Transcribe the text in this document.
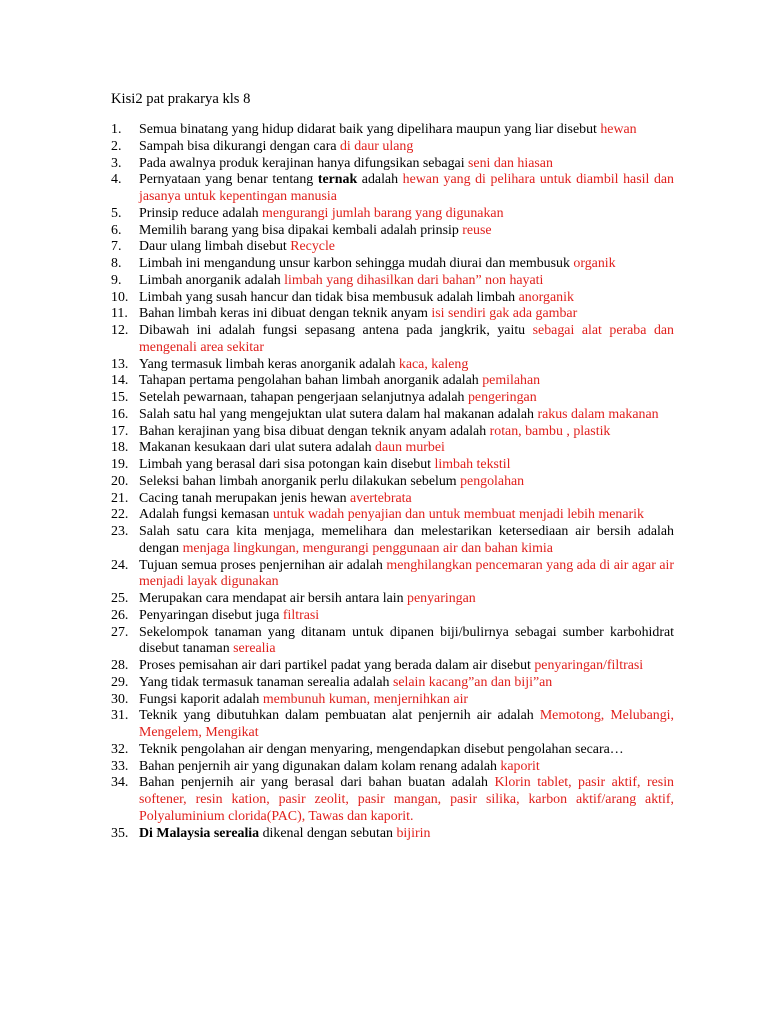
Kisi2 pat prakarya kls 8
1. Semua binatang yang hidup didarat baik yang dipelihara maupun yang liar disebut hewan
2. Sampah bisa dikurangi dengan cara di daur ulang
3. Pada awalnya produk kerajinan hanya difungsikan sebagai seni dan hiasan
4. Pernyataan yang benar tentang ternak adalah hewan yang di pelihara untuk diambil hasil dan jasanya untuk kepentingan manusia
5. Prinsip reduce adalah mengurangi jumlah barang yang digunakan
6. Memilih barang yang bisa dipakai kembali adalah prinsip reuse
7. Daur ulang limbah disebut Recycle
8. Limbah ini mengandung unsur karbon sehingga mudah diurai dan membusuk organik
9. Limbah anorganik adalah limbah yang dihasilkan dari bahan” non hayati
10. Limbah yang susah hancur dan tidak bisa membusuk adalah limbah anorganik
11. Bahan limbah keras ini dibuat dengan teknik anyam isi sendiri gak ada gambar
12. Dibawah ini adalah fungsi sepasang antena pada jangkrik, yaitu sebagai alat peraba dan mengenali area sekitar
13. Yang termasuk limbah keras anorganik adalah kaca, kaleng
14. Tahapan pertama pengolahan bahan limbah anorganik adalah pemilahan
15. Setelah pewarnaan, tahapan pengerjaan selanjutnya adalah pengeringan
16. Salah satu hal yang mengejuktan ulat sutera dalam hal makanan adalah rakus dalam makanan
17. Bahan kerajinan yang bisa dibuat dengan teknik anyam adalah rotan, bambu , plastik
18. Makanan kesukaan dari ulat sutera adalah daun murbei
19. Limbah yang berasal dari sisa potongan kain disebut limbah tekstil
20. Seleksi bahan limbah anorganik perlu dilakukan sebelum pengolahan
21. Cacing tanah merupakan jenis hewan avertebrata
22. Adalah fungsi kemasan untuk wadah penyajian dan untuk membuat menjadi lebih menarik
23. Salah satu cara kita menjaga, memelihara dan melestarikan ketersediaan air bersih adalah dengan menjaga lingkungan, mengurangi penggunaan air dan bahan kimia
24. Tujuan semua proses penjernihan air adalah menghilangkan pencemaran yang ada di air agar air menjadi layak digunakan
25. Merupakan cara mendapat air bersih antara lain penyaringan
26. Penyaringan disebut juga filtrasi
27. Sekelompok tanaman yang ditanam untuk dipanen biji/bulirnya sebagai sumber karbohidrat disebut tanaman serealia
28. Proses pemisahan air dari partikel padat yang berada dalam air disebut penyaringan/filtrasi
29. Yang tidak termasuk tanaman serealia adalah selain kacang”an dan biji”an
30. Fungsi kaporit adalah membunuh kuman, menjernihkan air
31. Teknik yang dibutuhkan dalam pembuatan alat penjernih air adalah Memotong, Melubangi, Mengelem, Mengikat
32. Teknik pengolahan air dengan menyaring, mengendapkan disebut pengolahan secara…
33. Bahan penjernih air yang digunakan dalam kolam renang adalah kaporit
34. Bahan penjernih air yang berasal dari bahan buatan adalah Klorin tablet, pasir aktif, resin softener, resin kation, pasir zeolit, pasir mangan, pasir silika, karbon aktif/arang aktif, Polyaluminium clorida(PAC), Tawas dan kaporit.
35. Di Malaysia serealia dikenal dengan sebutan bijirin
